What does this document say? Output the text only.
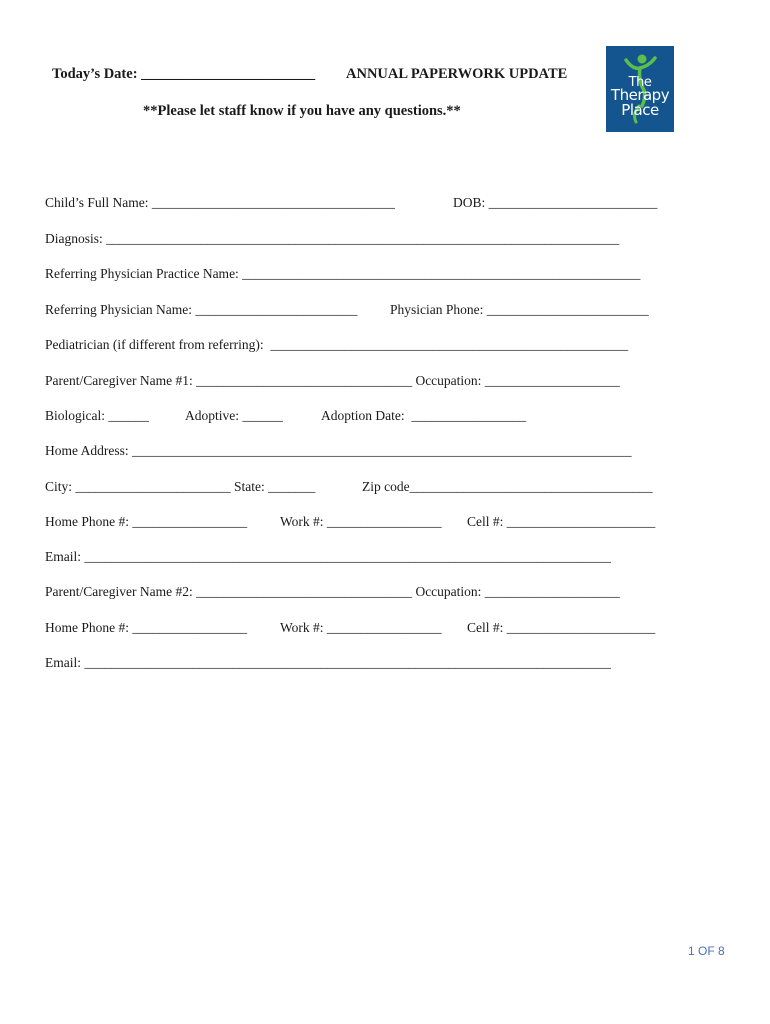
Today’s Date: ________________________ ANNUAL PAPERWORK UPDATE
**Please let staff know if you have any questions.**
The
Therapy
Place
Child’s Full Name: ____________________________________	DOB: _________________________
Diagnosis: ____________________________________________________________________________
Referring Physician Practice Name: ___________________________________________________________
Referring Physician Name: ________________________ Physician Phone: ________________________
Pediatrician (if different from referring):  _____________________________________________________
Parent/Caregiver Name #1: ________________________________ Occupation: ____________________
Biological: ______	Adoptive: ______	Adoption Date:  _________________
Home Address: __________________________________________________________________________
City: _______________________ State: _______	Zip code____________________________________
Home Phone #: _________________ Work #: _________________ Cell #: ______________________
Email: ______________________________________________________________________________
Parent/Caregiver Name #2: ________________________________ Occupation: ____________________
Home Phone #: _________________ Work #: _________________ Cell #: ______________________
Email: ______________________________________________________________________________
1 OF 8
